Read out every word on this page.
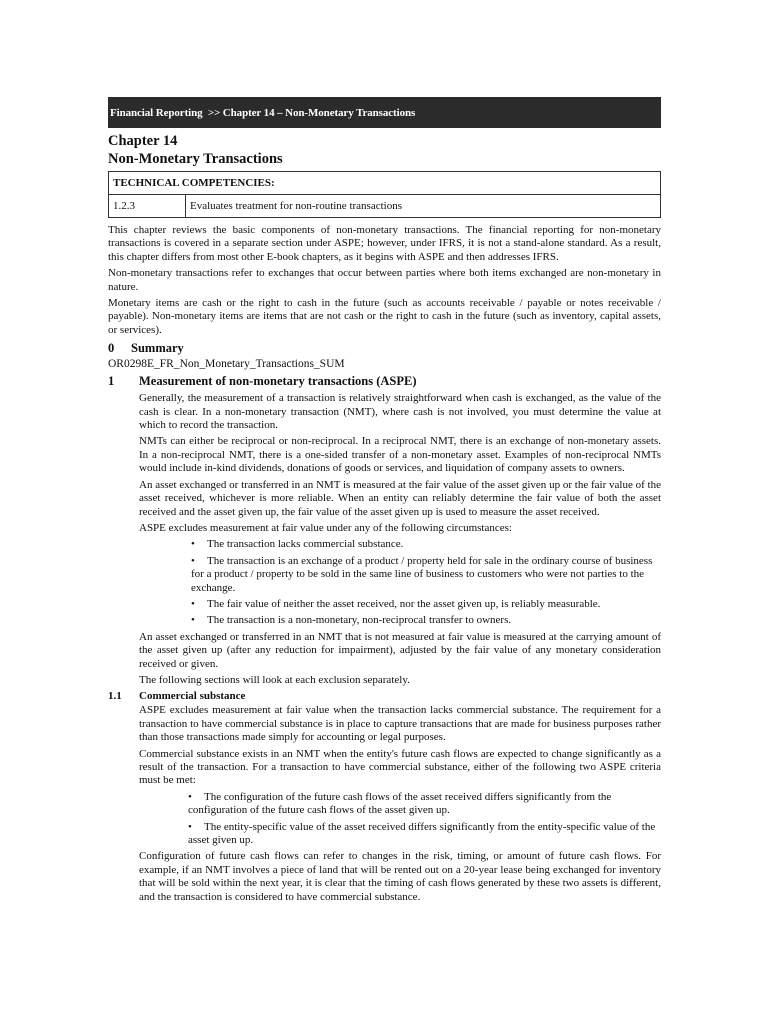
Financial Reporting  >> Chapter 14 – Non-Monetary Transactions
Chapter 14
Non-Monetary Transactions
TECHNICAL COMPETENCIES:
1.2.3	Evaluates treatment for non-routine transactions

This chapter reviews the basic components of non-monetary transactions. The financial reporting for non-monetary transactions is covered in a separate section under ASPE; however, under IFRS, it is not a stand-alone standard. As a result, this chapter differs from most other E-book chapters, as it begins with ASPE and then addresses IFRS.

Non-monetary transactions refer to exchanges that occur between parties where both items exchanged are non-monetary in nature.

Monetary items are cash or the right to cash in the future (such as accounts receivable / payable or notes receivable / payable). Non-monetary items are items that are not cash or the right to cash in the future (such as inventory, capital assets, or services).

0 Summary
OR0298E_FR_Non_Monetary_Transactions_SUM
1 Measurement of non-monetary transactions (ASPE)

Generally, the measurement of a transaction is relatively straightforward when cash is exchanged, as the value of the cash is clear. In a non-monetary transaction (NMT), where cash is not involved, you must determine the value at which to record the transaction.

NMTs can either be reciprocal or non-reciprocal. In a reciprocal NMT, there is an exchange of non-monetary assets. In a non-reciprocal NMT, there is a one-sided transfer of a non-monetary asset. Examples of non-reciprocal NMTs would include in-kind dividends, donations of goods or services, and liquidation of company assets to owners.

An asset exchanged or transferred in an NMT is measured at the fair value of the asset given up or the fair value of the asset received, whichever is more reliable. When an entity can reliably determine the fair value of both the asset received and the asset given up, the fair value of the asset given up is used to measure the asset received.

ASPE excludes measurement at fair value under any of the following circumstances:

• The transaction lacks commercial substance.
• The transaction is an exchange of a product / property held for sale in the ordinary course of business for a product / property to be sold in the same line of business to customers who were not parties to the exchange.
• The fair value of neither the asset received, nor the asset given up, is reliably measurable.
• The transaction is a non-monetary, non-reciprocal transfer to owners.

An asset exchanged or transferred in an NMT that is not measured at fair value is measured at the carrying amount of the asset given up (after any reduction for impairment), adjusted by the fair value of any monetary consideration received or given.

The following sections will look at each exclusion separately.

1.1 Commercial substance

ASPE excludes measurement at fair value when the transaction lacks commercial substance. The requirement for a transaction to have commercial substance is in place to capture transactions that are made for business purposes rather than those transactions made simply for accounting or legal purposes.

Commercial substance exists in an NMT when the entity's future cash flows are expected to change significantly as a result of the transaction. For a transaction to have commercial substance, either of the following two ASPE criteria must be met:

• The configuration of the future cash flows of the asset received differs significantly from the configuration of the future cash flows of the asset given up.
• The entity-specific value of the asset received differs significantly from the entity-specific value of the asset given up.

Configuration of future cash flows can refer to changes in the risk, timing, or amount of future cash flows. For example, if an NMT involves a piece of land that will be rented out on a 20-year lease being exchanged for inventory that will be sold within the next year, it is clear that the timing of cash flows generated by these two assets is different, and the transaction is considered to have commercial substance.
